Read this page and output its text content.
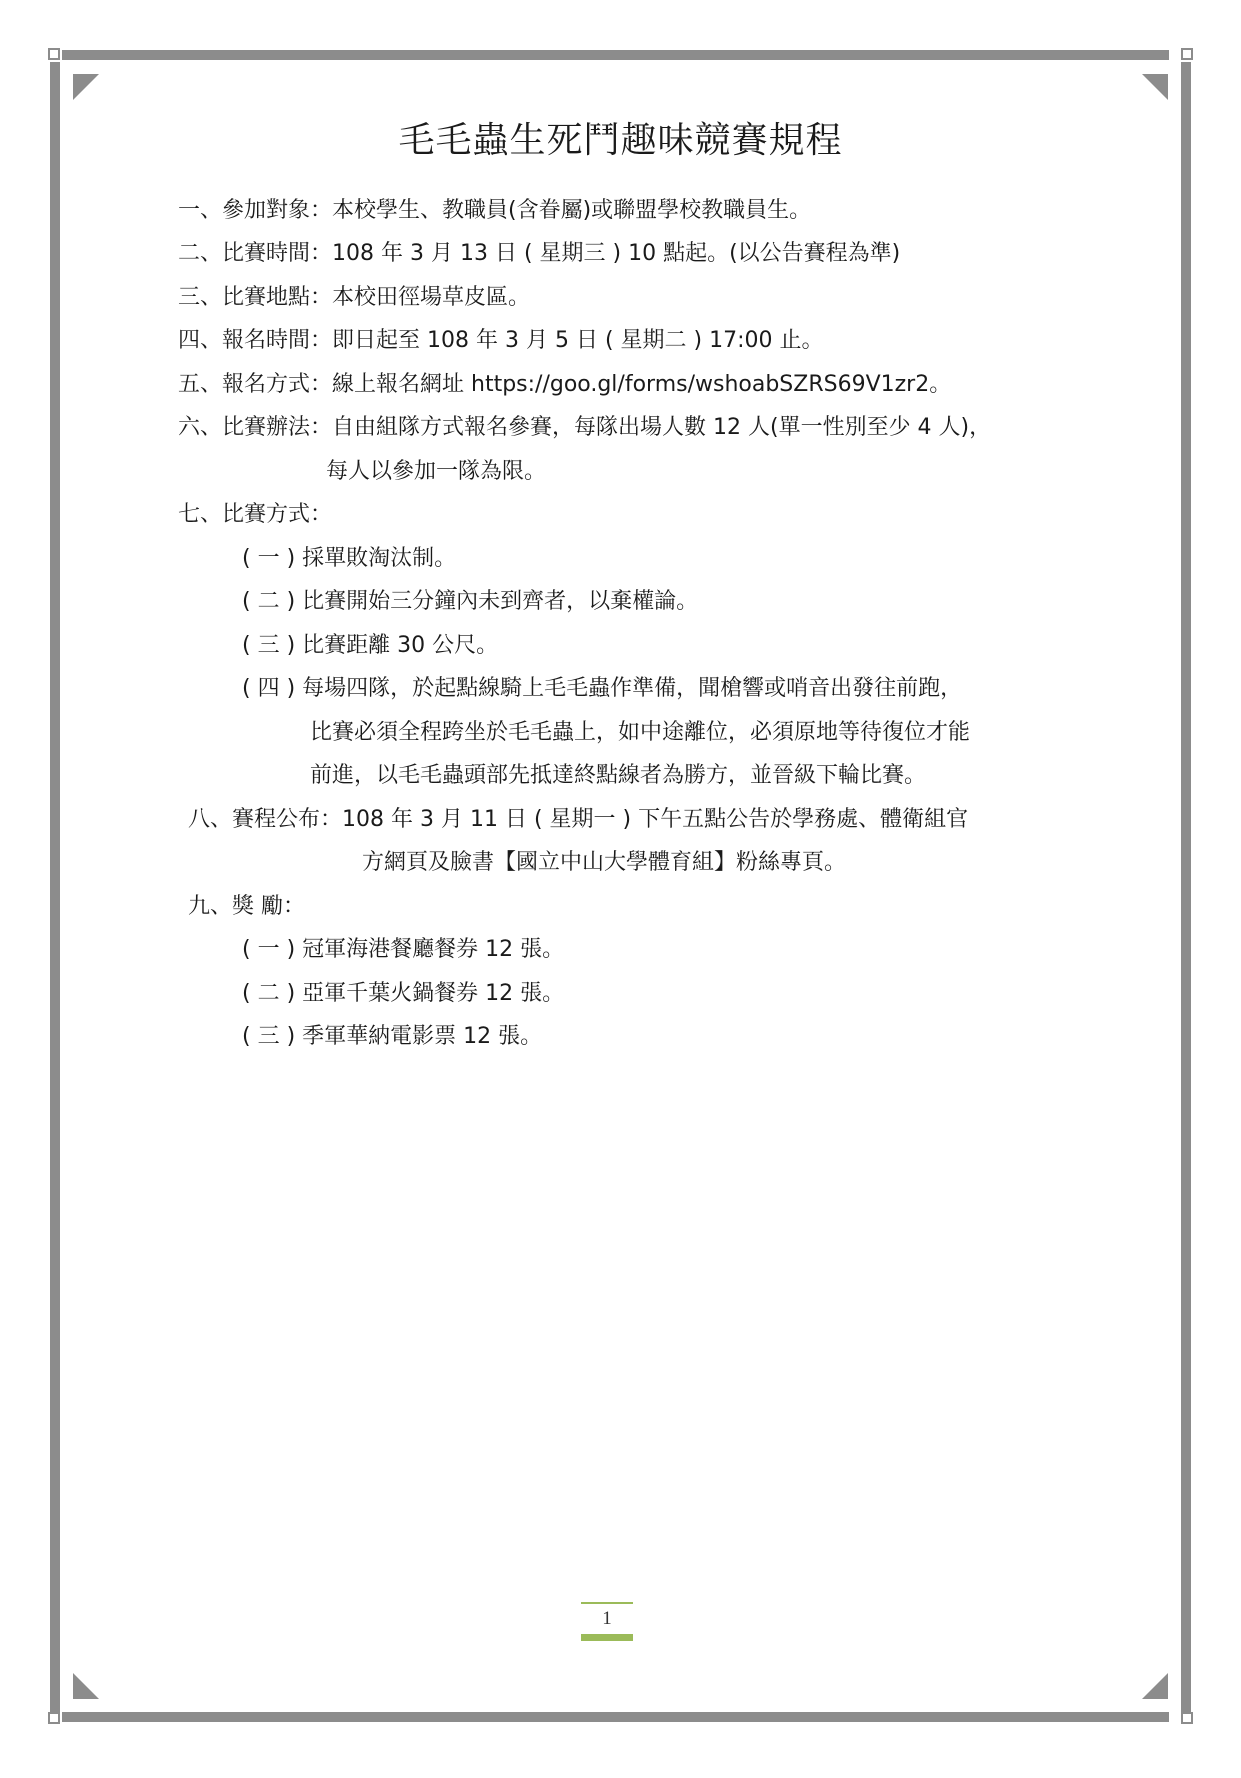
毛毛蟲生死鬥趣味競賽規程
一、參加對象：本校學生、教職員(含眷屬)或聯盟學校教職員生。
二、比賽時間：108 年 3 月 13 日 ( 星期三 ) 10 點起。(以公告賽程為準)
三、比賽地點：本校田徑場草皮區。
四、報名時間：即日起至 108 年 3 月 5 日 ( 星期二 ) 17:00 止。
五、報名方式：線上報名網址 https://goo.gl/forms/wshoabSZRS69V1zr2。
六、比賽辦法：自由組隊方式報名參賽，每隊出場人數 12 人(單一性別至少 4 人)，
每人以參加一隊為限。
七、比賽方式：
( 一 ) 採單敗淘汰制。
( 二 ) 比賽開始三分鐘內未到齊者，以棄權論。
( 三 ) 比賽距離 30 公尺。
( 四 ) 每場四隊，於起點線騎上毛毛蟲作準備，聞槍響或哨音出發往前跑，
比賽必須全程跨坐於毛毛蟲上，如中途離位，必須原地等待復位才能
前進，以毛毛蟲頭部先抵達終點線者為勝方，並晉級下輪比賽。
八、賽程公布：108 年 3 月 11 日 ( 星期一 ) 下午五點公告於學務處、體衛組官
方網頁及臉書【國立中山大學體育組】粉絲專頁。
九、獎 勵：
( 一 ) 冠軍海港餐廳餐券 12 張。
( 二 ) 亞軍千葉火鍋餐券 12 張。
( 三 ) 季軍華納電影票 12 張。
1
